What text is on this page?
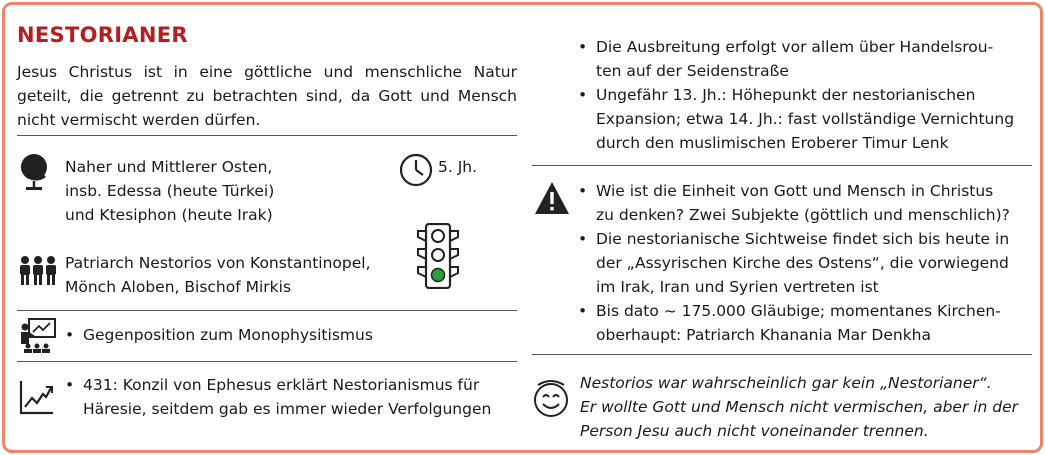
NESTORIANER
Jesus Christus ist in eine göttliche und menschliche Natur geteilt, die getrennt zu betrachten sind, da Gott und Mensch nicht vermischt werden dürfen.
Naher und Mittlerer Osten,
insb. Edessa (heute Türkei)
und Ktesiphon (heute Irak)
5. Jh.
Patriarch Nestorios von Konstantinopel,
Mönch Aloben, Bischof Mirkis
• Gegenposition zum Monophysitismus
• 431: Konzil von Ephesus erklärt Nestorianismus für
Häresie, seitdem gab es immer wieder Verfolgungen
• Die Ausbreitung erfolgt vor allem über Handelsrou-
ten auf der Seidenstraße
• Ungefähr 13. Jh.: Höhepunkt der nestorianischen
Expansion; etwa 14. Jh.: fast vollständige Vernichtung
durch den muslimischen Eroberer Timur Lenk
• Wie ist die Einheit von Gott und Mensch in Christus
zu denken? Zwei Subjekte (göttlich und menschlich)?
• Die nestorianische Sichtweise findet sich bis heute in
der „Assyrischen Kirche des Ostens“, die vorwiegend
im Irak, Iran und Syrien vertreten ist
• Bis dato ~ 175.000 Gläubige; momentanes Kirchen-
oberhaupt: Patriarch Khanania Mar Denkha
Nestorios war wahrscheinlich gar kein „Nestorianer“.
Er wollte Gott und Mensch nicht vermischen, aber in der
Person Jesu auch nicht voneinander trennen.
